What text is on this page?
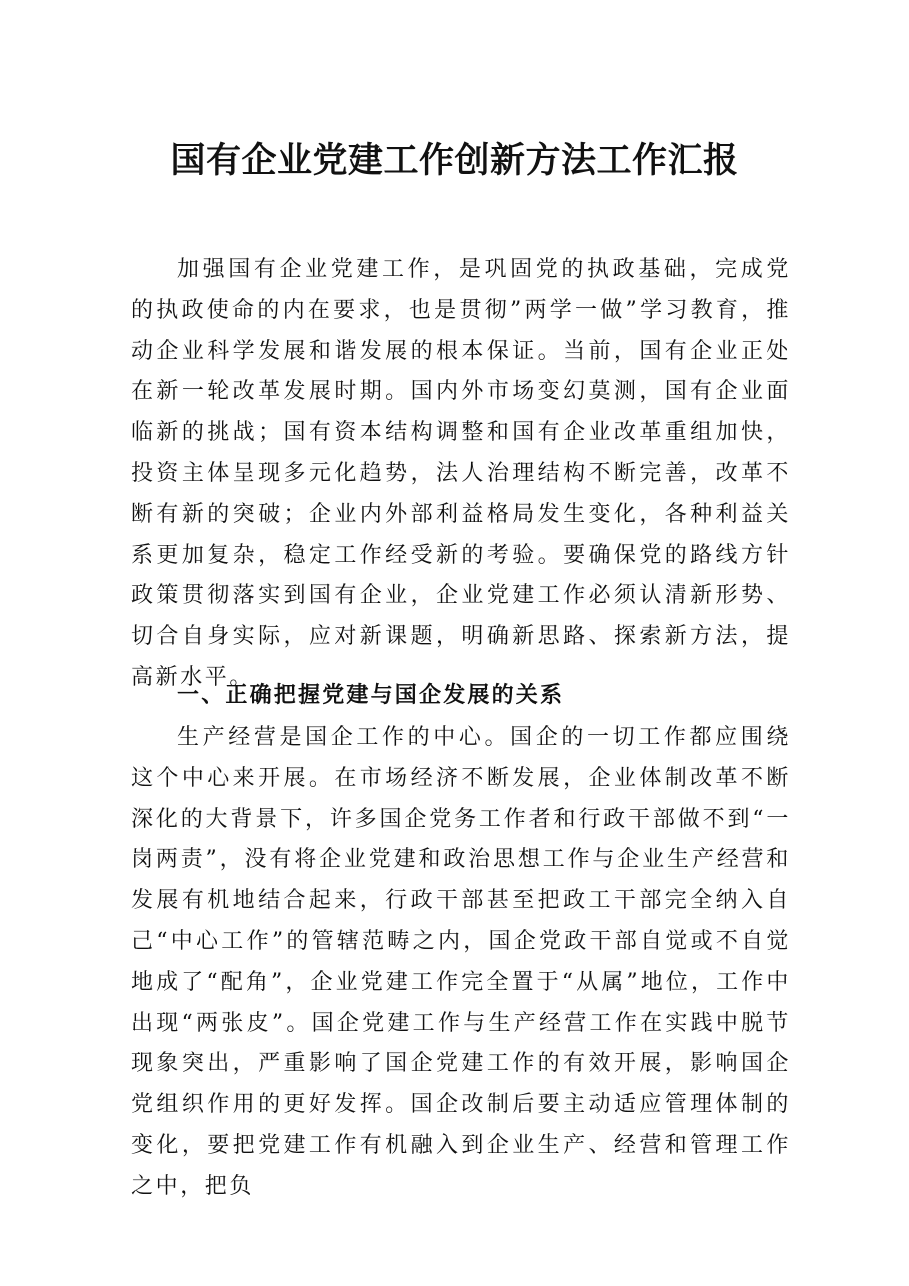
国有企业党建工作创新方法工作汇报

加强国有企业党建工作，是巩固党的执政基础，完成党的执政使命的内在要求，也是贯彻”两学一做”学习教育，推动企业科学发展和谐发展的根本保证。当前，国有企业正处在新一轮改革发展时期。国内外市场变幻莫测，国有企业面临新的挑战；国有资本结构调整和国有企业改革重组加快，投资主体呈现多元化趋势，法人治理结构不断完善，改革不断有新的突破；企业内外部利益格局发生变化，各种利益关系更加复杂，稳定工作经受新的考验。要确保党的路线方针政策贯彻落实到国有企业，企业党建工作必须认清新形势、切合自身实际，应对新课题，明确新思路、探索新方法，提高新水平。

一、正确把握党建与国企发展的关系

生产经营是国企工作的中心。国企的一切工作都应围绕这个中心来开展。在市场经济不断发展，企业体制改革不断深化的大背景下，许多国企党务工作者和行政干部做不到“一岗两责”，没有将企业党建和政治思想工作与企业生产经营和发展有机地结合起来，行政干部甚至把政工干部完全纳入自己“中心工作”的管辖范畴之内，国企党政干部自觉或不自觉地成了“配角”，企业党建工作完全置于“从属”地位，工作中出现“两张皮”。国企党建工作与生产经营工作在实践中脱节现象突出，严重影响了国企党建工作的有效开展，影响国企党组织作用的更好发挥。国企改制后要主动适应管理体制的变化，要把党建工作有机融入到企业生产、经营和管理工作之中，把负
